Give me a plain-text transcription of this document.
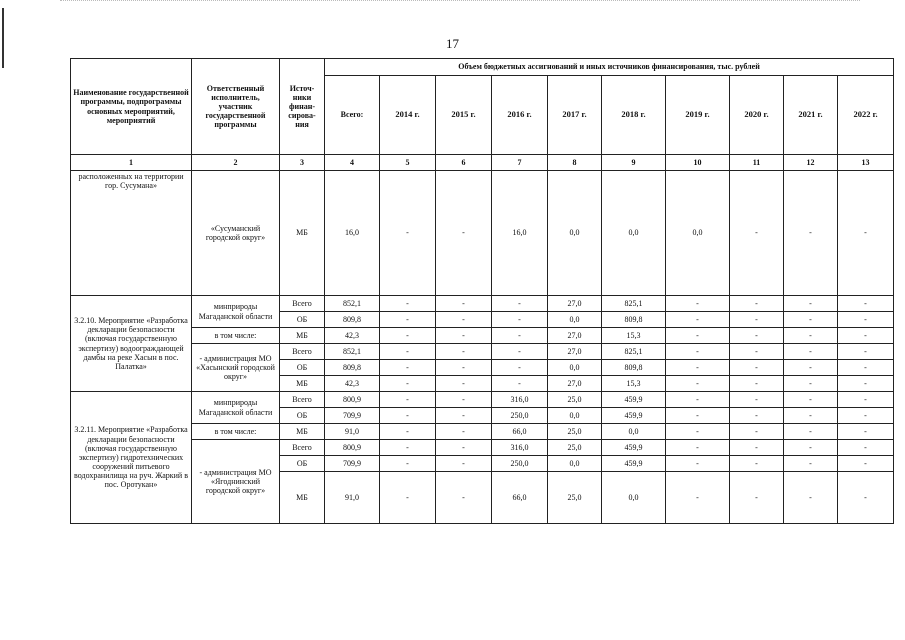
17
Наименование государственной программы, подпрограммы основных мероприятий, мероприятий	Ответственный исполнитель, участник государственной программы	Источ-ники финан-сирова-ния	Объем бюджетных ассигнований и иных источников финансирования, тыс. рублей									
			Всего:	2014 г.	2015 г.	2016 г.	2017 г.	2018 г.	2019 г.	2020 г.	2021 г.	2022 г.
1	2	3	4	5	6	7	8	9	10	11	12	13
расположенных на территории гор. Сусумана»	«Сусуманский городской округ»	МБ	16,0	-	-	16,0	0,0	0,0	0,0	-	-	-
3.2.10. Мероприятие «Разработка декларации безопасности (включая государственную экспертизу) водоограждающей дамбы на реке Хасын в пос. Палатка»	минприроды Магаданской области	Всего	852,1	-	-	-	27,0	825,1	-	-	-	-
		ОБ	809,8	-	-	-	0,0	809,8	-	-	-	-
	в том числе:	МБ	42,3	-	-	-	27,0	15,3	-	-	-	-
	- администрация МО «Хасынский городской округ»	Всего	852,1	-	-	-	27,0	825,1	-	-	-	-
		ОБ	809,8	-	-	-	0,0	809,8	-	-	-	-
		МБ	42,3	-	-	-	27,0	15,3	-	-	-	-
3.2.11. Мероприятие «Разработка декларации безопасности (включая государственную экспертизу) гидротехнических сооружений питьевого водохранилища на руч. Жаркий в пос. Оротукан»	минприроды Магаданской области	Всего	800,9	-	-	316,0	25,0	459,9	-	-	-	-
		ОБ	709,9	-	-	250,0	0,0	459,9	-	-	-	-
	в том числе:	МБ	91,0	-	-	66,0	25,0	0,0	-	-	-	-
	- администрация МО «Ягоднинский городской округ»	Всего	800,9	-	-	316,0	25,0	459,9	-	-	-	-
		ОБ	709,9	-	-	250,0	0,0	459,9	-	-	-	-
		МБ	91,0	-	-	66,0	25,0	0,0	-	-	-	-
